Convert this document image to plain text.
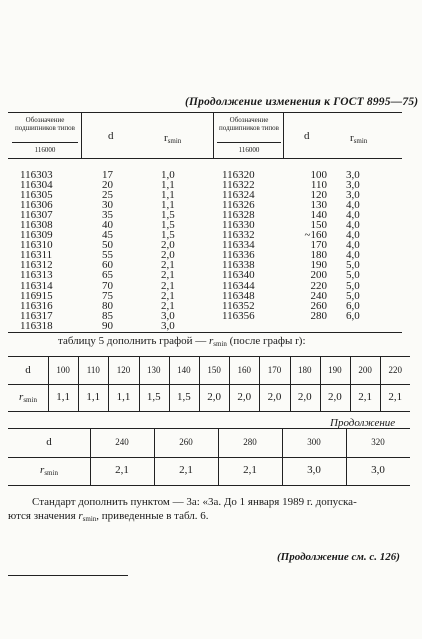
(Продолжение изменения к ГОСТ 8995—75)
Обозначение подшипников типов
116000
d	$r_{smin}$
Обозначение подшипников типов
116000
d	$r_{smin}$
116303
116304
116305
116306
116307
116308
116309
116310
116311
116312
116313
116314
116915
116316
116317
116318
17
20
25
30
35
40
45
50
55
60
65
70
75
80
85
90
1,0
1,1
1,1
1,1
1,5
1,5
1,5
2,0
2,0
2,1
2,1
2,1
2,1
2,1
3,0
3,0
116320
116322
116324
116326
116328
116330
116332
116334
116336
116338
116340
116344
116348
116352
116356
100
110
120
130
140
150
~160
170
180
190
200
220
240
260
280
3,0
3,0
3,0
4,0
4,0
4,0
4,0
4,0
4,0
5,0
5,0
5,0
5,0
6,0
6,0
таблицу 5 дополнить графой — $r_{smin}$ (после графы r):
d
$r_{smin}$
100
1,1
110
1,1
120
1,1
130
1,5
140
1,5
150
2,0
160
2,0
170
2,0
180
2,0
190
2,0
200
2,1
220
2,1
Продолжение
d
$r_{smin}$
240
2,1
260
2,1
280
2,1
300
3,0
320
3,0
Стандарт дополнить пунктом — 3а: «3а. До 1 января 1989 г. допуска-
ются значения $r_{smin}$, приведенные в табл. 6.
(Продолжение см. с. 126)
